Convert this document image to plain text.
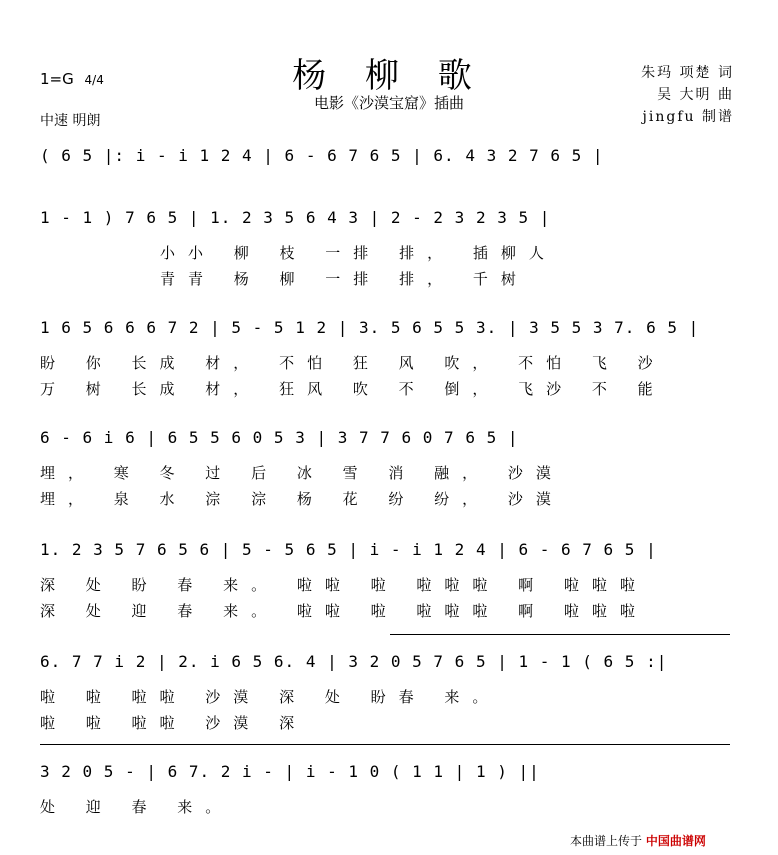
杨 柳 歌
电影《沙漠宝窟》插曲
1=G 4/4
中速 明朗
朱玛 项楚 词
吴 大明 曲
jingfu 制谱
( 6 5 |: i - i 1 2 4 | 6 - 6 7 6 5 | 6. 4 3 2 7 6 5 |
1 - 1 ) 7 6 5 | 1. 2 3 5 6 4 3 | 2 - 2 3 2 3 5 |
小小 柳 枝 一排 排， 插柳人
青青 杨 柳 一排 排， 千树
1 6 5 6 6 6 7 2 | 5 - 5 1 2 | 3. 5 6 5 5 3. | 3 5 5 3 7. 6 5 |
盼 你 长成 材， 不怕 狂 风 吹， 不怕 飞 沙
万 树 长成 材， 狂风 吹 不 倒， 飞沙 不 能
6 - 6 i 6 | 6 5 5 6 0 5 3 | 3 7 7 6 0 7 6 5 |
埋， 寒 冬 过 后 冰 雪 消 融， 沙漠
埋， 泉 水 淙 淙 杨 花 纷 纷， 沙漠
1. 2 3 5 7 6 5 6 | 5 - 5 6 5 | i - i 1 2 4 | 6 - 6 7 6 5 |
深 处 盼 春 来。 啦啦 啦 啦啦啦 啊 啦啦啦
深 处 迎 春 来。 啦啦 啦 啦啦啦 啊 啦啦啦
6. 7 7 i 2 | 2. i 6 5 6. 4 | 3 2 0 5 7 6 5 | 1 - 1 ( 6 5 :|
啦 啦 啦啦 沙漠 深 处 盼春 来。
啦 啦 啦啦 沙漠 深
3 2 0 5 - | 6 7. 2 i - | i - 1 0 ( 1 1 | 1 ) ||
处 迎 春 来。
本曲谱上传于 中国曲谱网
